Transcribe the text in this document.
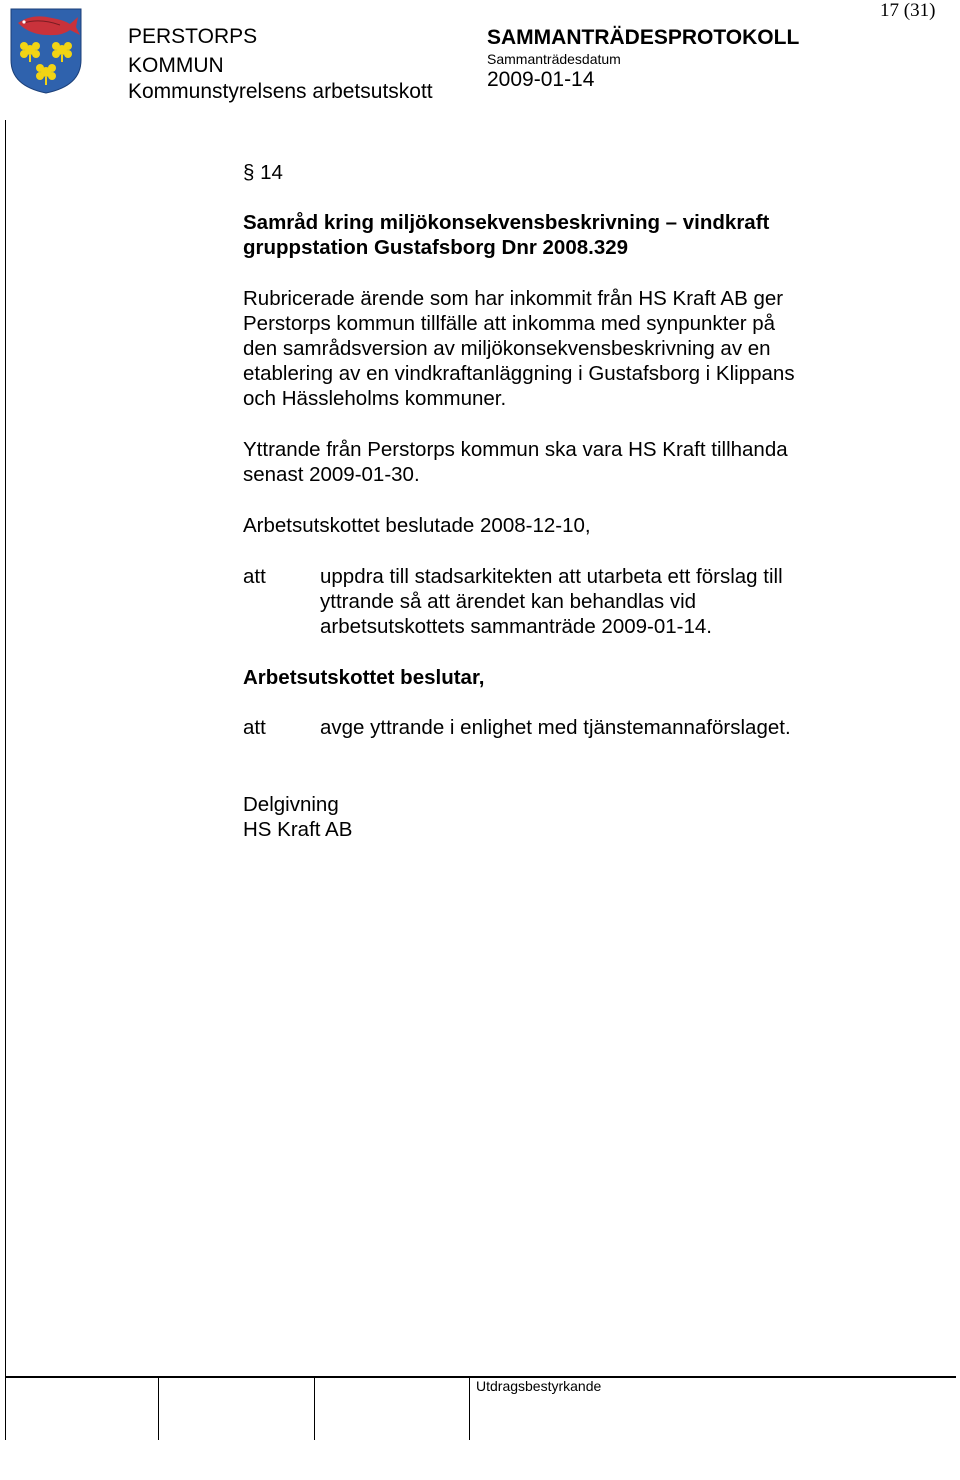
17 (31)
PERSTORPS
KOMMUN
Kommunstyrelsens arbetsutskott
SAMMANTRÄDESPROTOKOLL
Sammanträdesdatum
2009-01-14
§ 14
Samråd kring miljökonsekvensbeskrivning – vindkraft
gruppstation Gustafsborg Dnr 2008.329
Rubricerade ärende som har inkommit från HS Kraft AB ger
Perstorps kommun tillfälle att inkomma med synpunkter på
den samrådsversion av miljökonsekvensbeskrivning av en
etablering av en vindkraftanläggning i Gustafsborg i Klippans
och Hässleholms kommuner.
Yttrande från Perstorps kommun ska vara HS Kraft tillhanda
senast 2009-01-30.
Arbetsutskottet beslutade 2008-12-10,
att	uppdra till stadsarkitekten att utarbeta ett förslag till
yttrande så att ärendet kan behandlas vid
arbetsutskottets sammanträde 2009-01-14.
Arbetsutskottet beslutar,
att	avge yttrande i enlighet med tjänstemannaförslaget.
Delgivning
HS Kraft AB
Utdragsbestyrkande
